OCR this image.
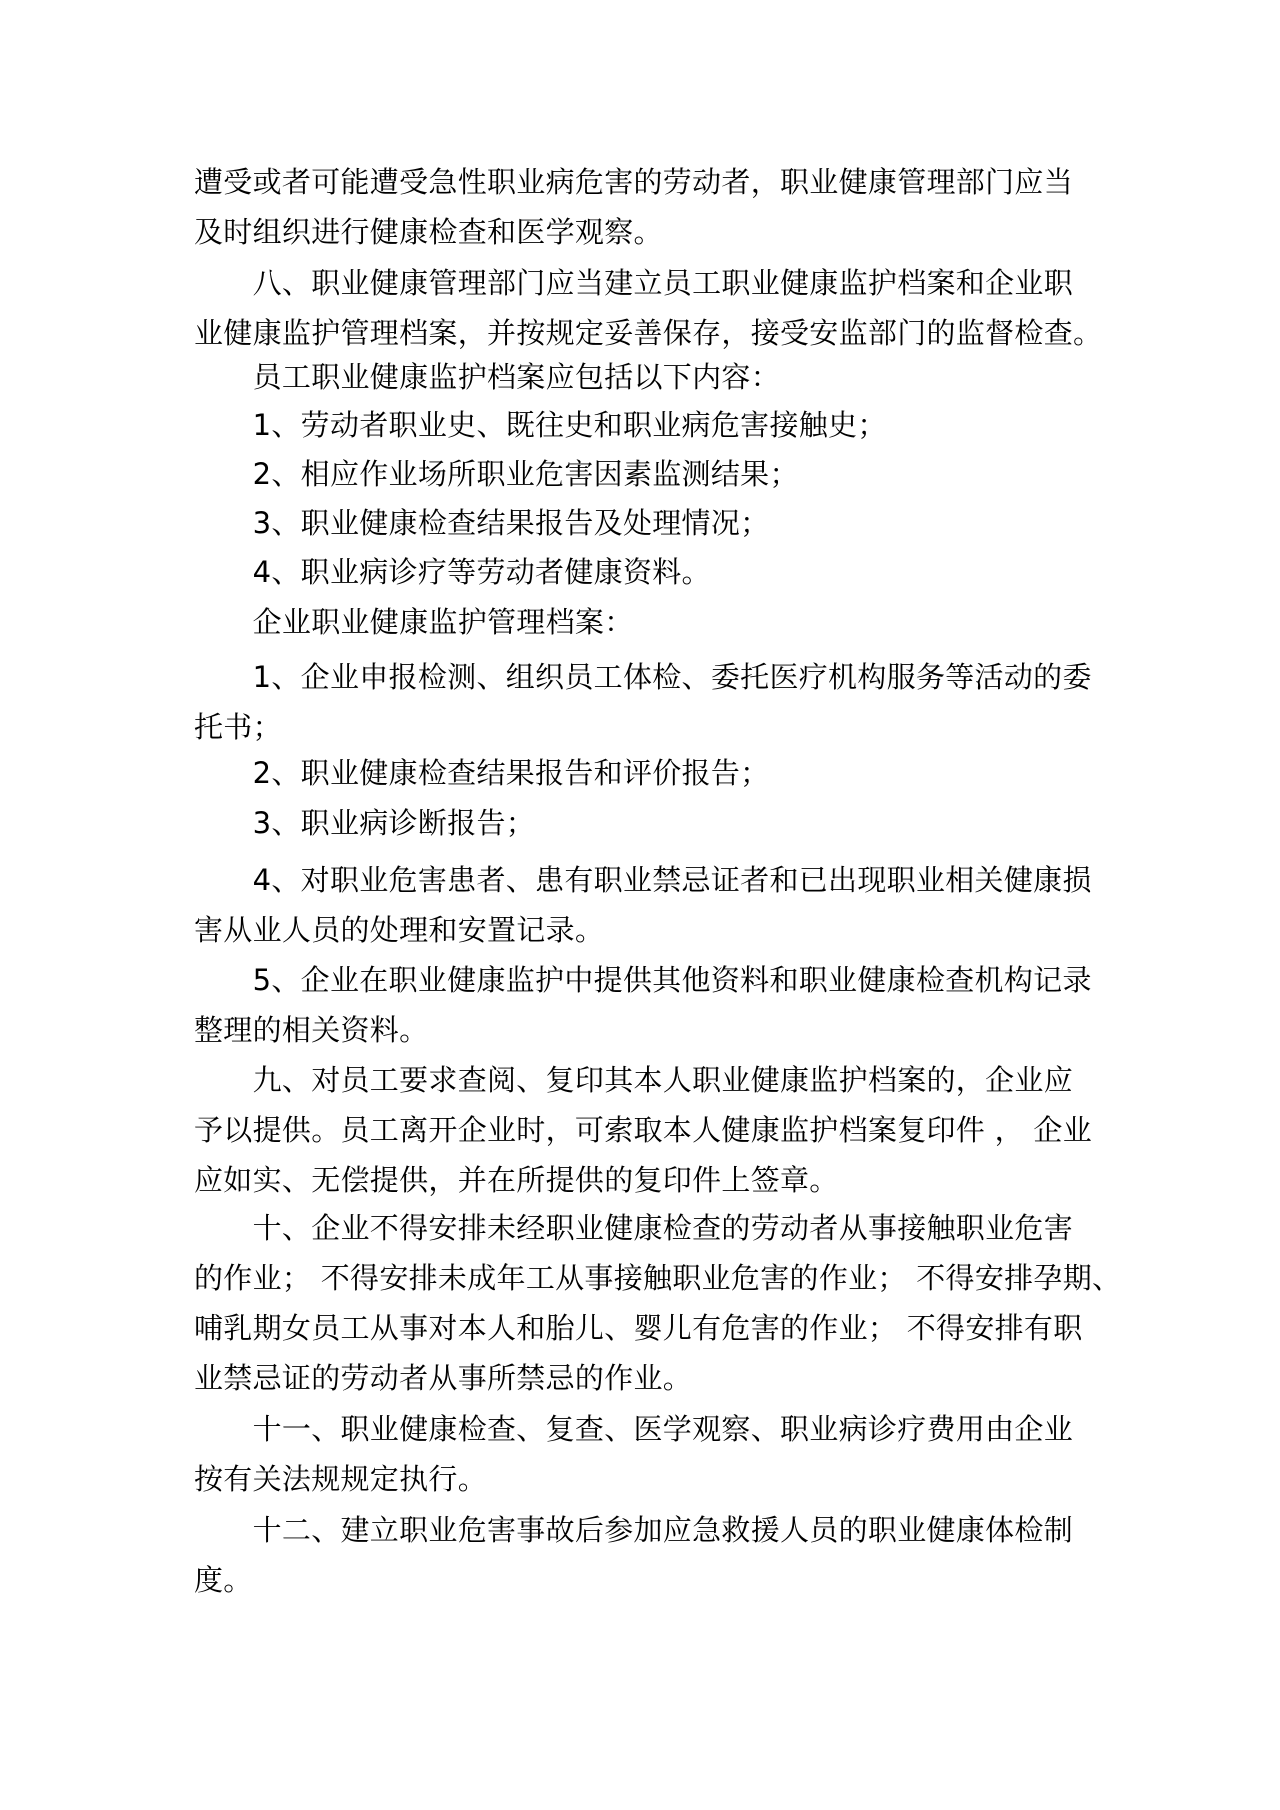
遭受或者可能遭受急性职业病危害的劳动者，职业健康管理部门应当
及时组织进行健康检查和医学观察。
　　八、职业健康管理部门应当建立员工职业健康监护档案和企业职
业健康监护管理档案，并按规定妥善保存，接受安监部门的监督检查。
　　员工职业健康监护档案应包括以下内容：
　　1、劳动者职业史、既往史和职业病危害接触史；
　　2、相应作业场所职业危害因素监测结果；
　　3、职业健康检查结果报告及处理情况；
　　4、职业病诊疗等劳动者健康资料。
　　企业职业健康监护管理档案：
　　1、企业申报检测、组织员工体检、委托医疗机构服务等活动的委
托书；
　　2、职业健康检查结果报告和评价报告；
　　3、职业病诊断报告；
　　4、对职业危害患者、患有职业禁忌证者和已出现职业相关健康损
害从业人员的处理和安置记录。
　　5、企业在职业健康监护中提供其他资料和职业健康检查机构记录
整理的相关资料。
　　九、对员工要求查阅、复印其本人职业健康监护档案的，企业应
予以提供。员工离开企业时，可索取本人健康监护档案复印件 ， 企业
应如实、无偿提供，并在所提供的复印件上签章。
　　十、企业不得安排未经职业健康检查的劳动者从事接触职业危害
的作业； 不得安排未成年工从事接触职业危害的作业； 不得安排孕期、
哺乳期女员工从事对本人和胎儿、婴儿有危害的作业； 不得安排有职
业禁忌证的劳动者从事所禁忌的作业。
　　十一、职业健康检查、复查、医学观察、职业病诊疗费用由企业
按有关法规规定执行。
　　十二、建立职业危害事故后参加应急救援人员的职业健康体检制
度。
